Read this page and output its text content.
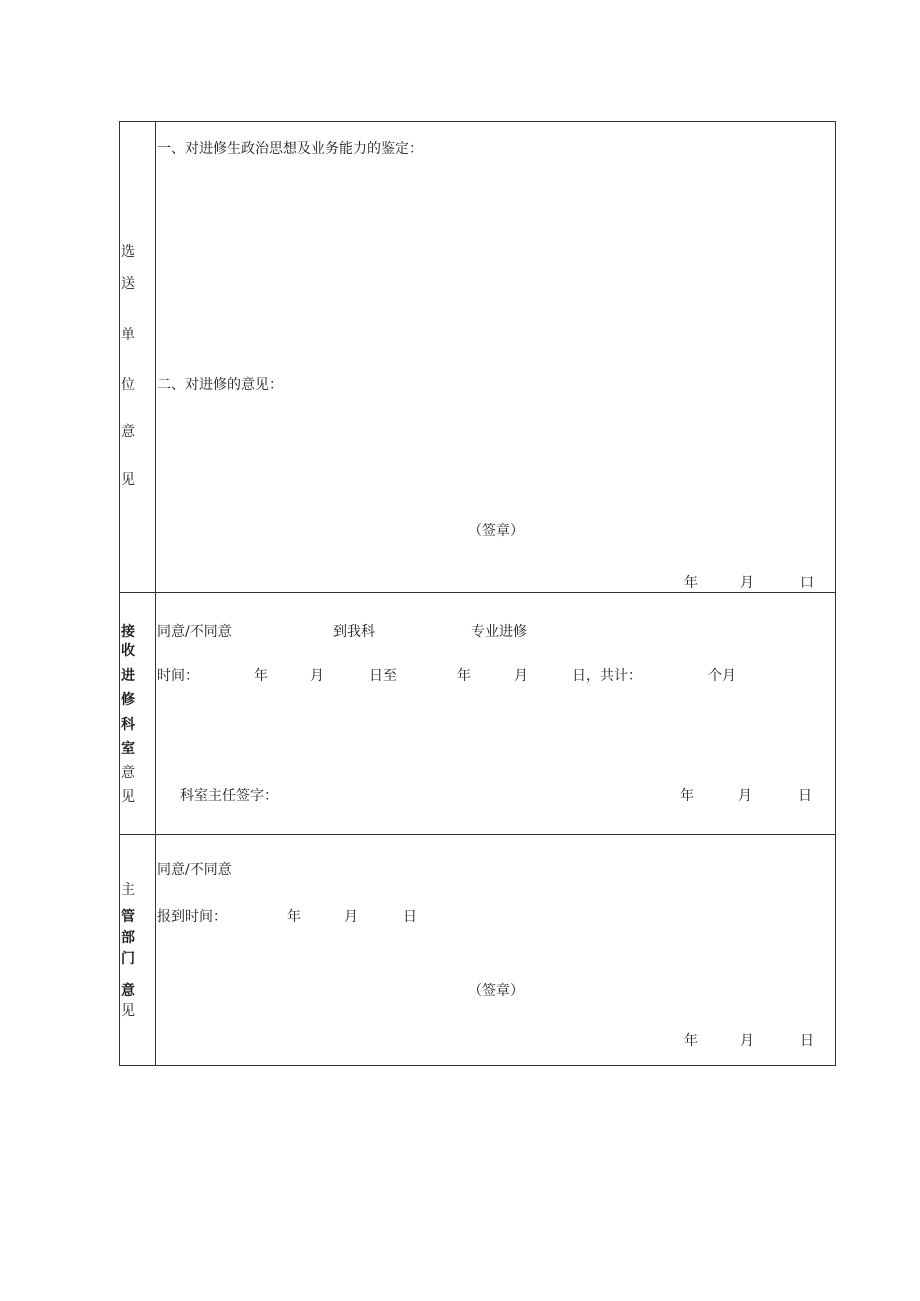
选
送
单
位
意
见
一、对进修生政治思想及业务能力的鉴定：
二、对进修的意见：
（签章）
年	月	口
接
收
进
修
科
室
意
见
同意/不同意	到我科	专业进修
时间：	年	月	日至	年	月	日，共计：	个月
科室主任签字：	年	月	日
主
管
部
门
意
见
同意/不同意
报到时间：	年	月	日
（签章）
年	月	日
